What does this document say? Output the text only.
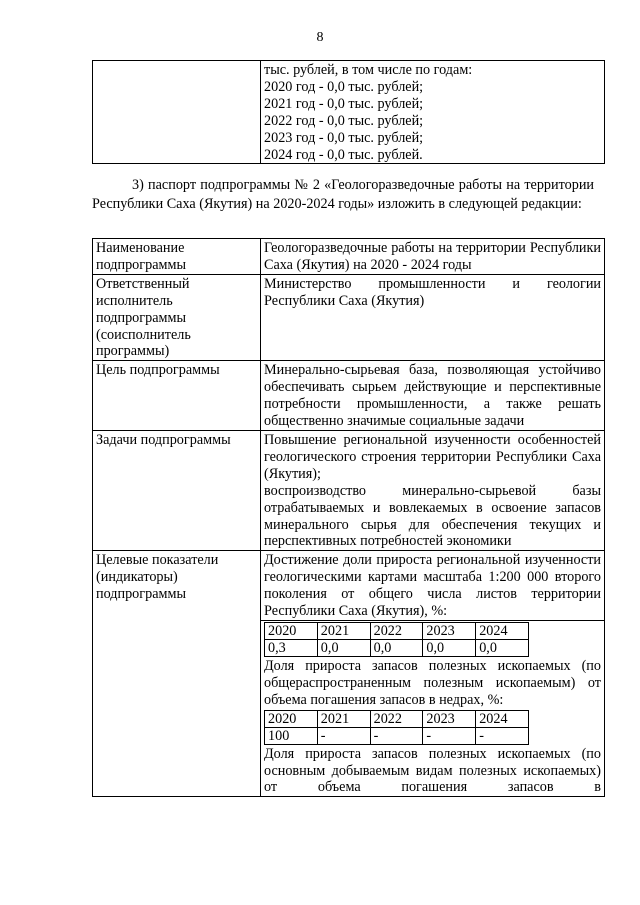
8

тыс. рублей, в том числе по годам:
2020 год - 0,0 тыс. рублей;
2021 год - 0,0 тыс. рублей;
2022 год - 0,0 тыс. рублей;
2023 год - 0,0 тыс. рублей;
2024 год - 0,0 тыс. рублей.
3) паспорт подпрограммы № 2 «Геологоразведочные работы на территории Республики Саха (Якутия) на 2020-2024 годы» изложить в следующей редакции:
Наименование подпрограммы	Геологоразведочные работы на территории Республики Саха (Якутия) на 2020 - 2024 годы
Ответственный исполнитель подпрограммы (соисполнитель программы)	Министерство промышленности и геологии Республики Саха (Якутия)
Цель подпрограммы	Минерально-сырьевая база, позволяющая устойчиво обеспечивать сырьем действующие и перспективные потребности промышленности, а также решать общественно значимые социальные задачи
Задачи подпрограммы	Повышение региональной изученности особенностей геологического строения территории Республики Саха (Якутия);
воспроизводство минерально-сырьевой базы отрабатываемых и вовлекаемых в освоение запасов минерального сырья для обеспечения текущих и перспективных потребностей экономики

Целевые показатели (индикаторы) подпрограммы	Достижение доли прироста региональной изученности геологическими картами масштаба 1:200 000 второго поколения от общего числа листов территории Республики Саха (Якутия), %:

2020	2021	2022	2023	2024
0,3	0,0	0,0	0,0	0,0
Доля прироста запасов полезных ископаемых (по общераспространенным полезным ископаемым) от объема погашения запасов в недрах, %:
2020	2021	2022	2023	2024
100	-	-	-	-
Доля прироста запасов полезных ископаемых (по основным добываемым видам полезных ископаемых) от объема погашения запасов в
